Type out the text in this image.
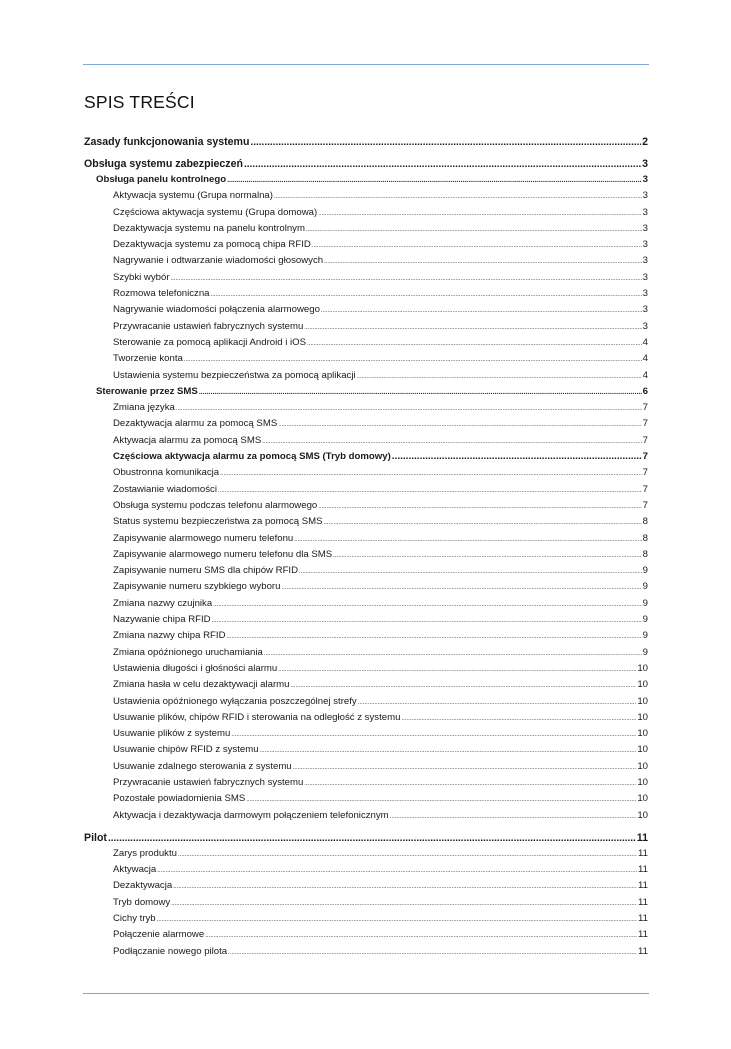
SPIS TREŚCI
Zasady funkcjonowania systemu .....	2
Obsługa systemu zabezpieczeń .....	3
Obsługa panelu kontrolnego .....	3
Aktywacja systemu (Grupa normalna) .....	3
Częściowa aktywacja systemu (Grupa domowa) .....	3
Dezaktywacja systemu na panelu kontrolnym .....	3
Dezaktywacja systemu za pomocą chipa RFID .....	3
Nagrywanie i odtwarzanie wiadomości głosowych .....	3
Szybki wybór .....	3
Rozmowa telefoniczna .....	3
Nagrywanie wiadomości połączenia alarmowego .....	3
Przywracanie ustawień fabrycznych systemu .....	3
Sterowanie za pomocą aplikacji Android i iOS .....	4
Tworzenie konta .....	4
Ustawienia systemu bezpieczeństwa za pomocą aplikacji .....	4
Sterowanie przez SMS .....	6
Zmiana języka .....	7
Dezaktywacja alarmu za pomocą SMS .....	7
Aktywacja alarmu za pomocą SMS .....	7
Częściowa aktywacja alarmu za pomocą SMS (Tryb domowy) .....	7
Obustronna komunikacja .....	7
Zostawianie wiadomości .....	7
Obsługa systemu podczas telefonu alarmowego .....	7
Status systemu bezpieczeństwa za pomocą SMS .....	8
Zapisywanie alarmowego numeru telefonu .....	8
Zapisywanie alarmowego numeru telefonu dla SMS .....	8
Zapisywanie numeru SMS dla chipów RFID .....	9
Zapisywanie numeru szybkiego wyboru .....	9
Zmiana nazwy czujnika .....	9
Nazywanie chipa RFID .....	9
Zmiana nazwy chipa RFID .....	9
Zmiana opóźnionego uruchamiania .....	9
Ustawienia długości i głośności alarmu .....	10
Zmiana hasła w celu dezaktywacji alarmu .....	10
Ustawienia opóźnionego wyłączania poszczególnej strefy .....	10
Usuwanie plików, chipów RFID i sterowania na odległość z systemu .....	10
Usuwanie plików z systemu .....	10
Usuwanie chipów RFID z systemu .....	10
Usuwanie zdalnego sterowania z systemu .....	10
Przywracanie ustawień fabrycznych systemu .....	10
Pozostałe powiadomienia SMS .....	10
Aktywacja i dezaktywacja darmowym połączeniem telefonicznym .....	10
Pilot .....	11
Zarys produktu .....	11
Aktywacja .....	11
Dezaktywacja .....	11
Tryb domowy .....	11
Cichy tryb .....	11
Połączenie alarmowe .....	11
Podłączanie nowego pilota .....	11
